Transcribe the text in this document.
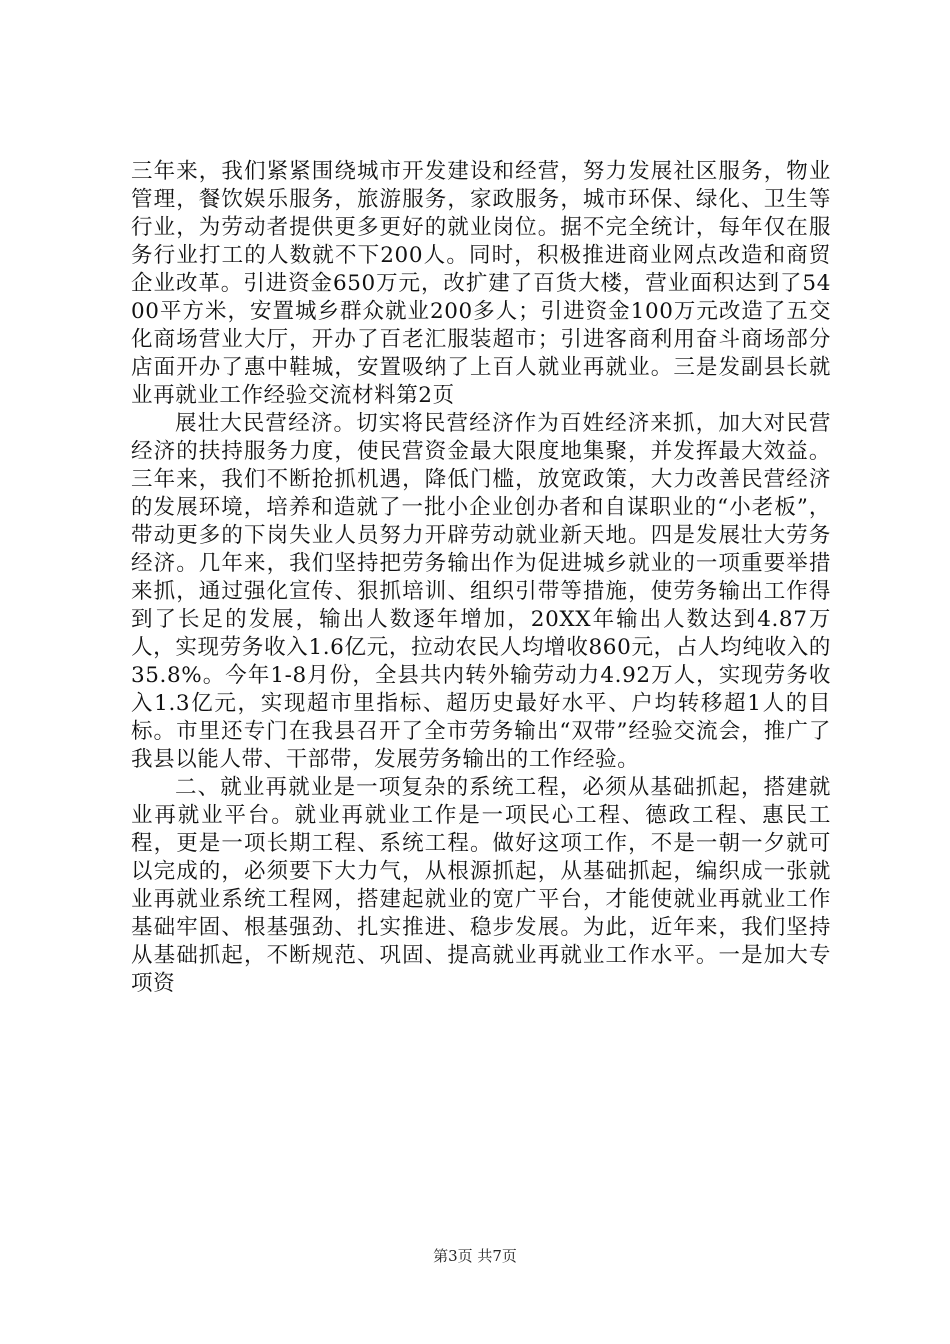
三年来，我们紧紧围绕城市开发建设和经营，努力发展社区服务，物业管理，餐饮娱乐服务，旅游服务，家政服务，城市环保、绿化、卫生等行业，为劳动者提供更多更好的就业岗位。据不完全统计，每年仅在服务行业打工的人数就不下200人。同时，积极推进商业网点改造和商贸企业改革。引进资金650万元，改扩建了百货大楼，营业面积达到了5400平方米，安置城乡群众就业200多人；引进资金100万元改造了五交化商场营业大厅，开办了百老汇服装超市；引进客商利用奋斗商场部分店面开办了惠中鞋城，安置吸纳了上百人就业再就业。三是发副县长就业再就业工作经验交流材料第2页

展壮大民营经济。切实将民营经济作为百姓经济来抓，加大对民营经济的扶持服务力度，使民营资金最大限度地集聚，并发挥最大效益。三年来，我们不断抢抓机遇，降低门槛，放宽政策，大力改善民营经济的发展环境，培养和造就了一批小企业创办者和自谋职业的“小老板”，带动更多的下岗失业人员努力开辟劳动就业新天地。四是发展壮大劳务经济。几年来，我们坚持把劳务输出作为促进城乡就业的一项重要举措来抓，通过强化宣传、狠抓培训、组织引带等措施，使劳务输出工作得到了长足的发展，输出人数逐年增加，20XX年输出人数达到4.87万人，实现劳务收入1.6亿元，拉动农民人均增收860元，占人均纯收入的35.8%。今年1-8月份，全县共内转外输劳动力4.92万人，实现劳务收入1.3亿元，实现超市里指标、超历史最好水平、户均转移超1人的目标。市里还专门在我县召开了全市劳务输出“双带”经验交流会，推广了我县以能人带、干部带，发展劳务输出的工作经验。

二、就业再就业是一项复杂的系统工程，必须从基础抓起，搭建就业再就业平台。就业再就业工作是一项民心工程、德政工程、惠民工程，更是一项长期工程、系统工程。做好这项工作，不是一朝一夕就可以完成的，必须要下大力气，从根源抓起，从基础抓起，编织成一张就业再就业系统工程网，搭建起就业的宽广平台，才能使就业再就业工作基础牢固、根基强劲、扎实推进、稳步发展。为此，近年来，我们坚持从基础抓起，不断规范、巩固、提高就业再就业工作水平。一是加大专项资

第3页 共7页
